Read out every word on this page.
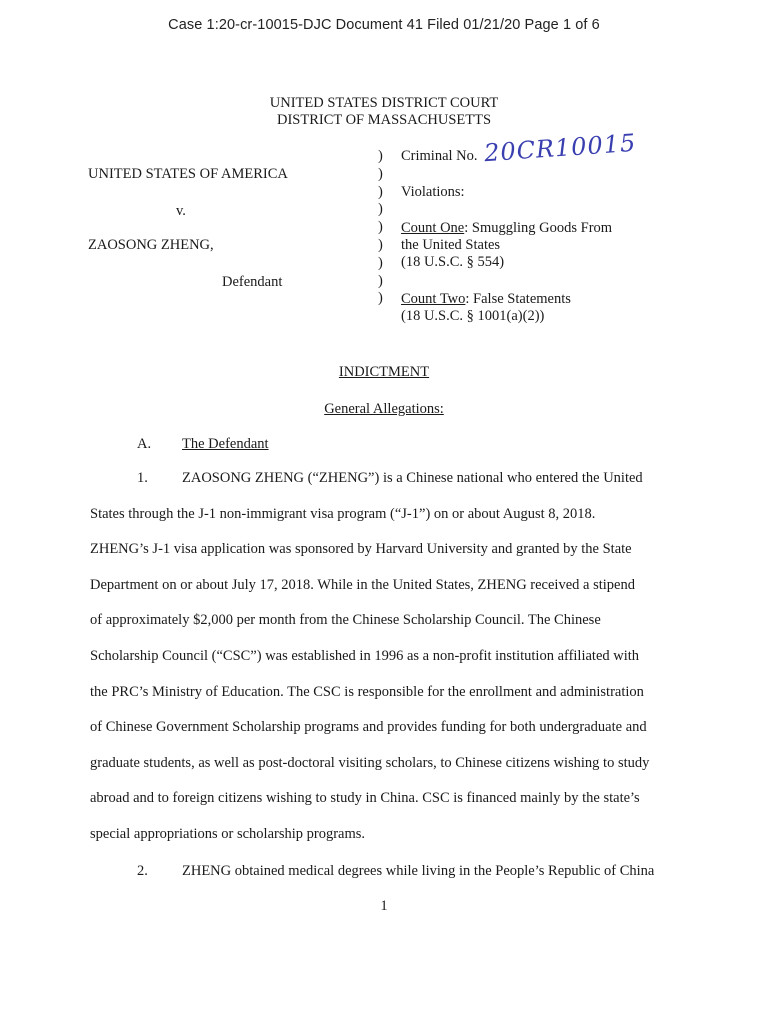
Case 1:20-cr-10015-DJC Document 41 Filed 01/21/20 Page 1 of 6
UNITED STATES DISTRICT COURT
DISTRICT OF MASSACHUSETTS
UNITED STATES OF AMERICA
v.
ZAOSONG ZHENG,
Defendant
)
)
)
)
)
)
)
)
)
Criminal No. 20CR10015
Violations:
Count One: Smuggling Goods From
the United States
(18 U.S.C. § 554)
Count Two: False Statements
(18 U.S.C. § 1001(a)(2))
INDICTMENT
General Allegations:
A. The Defendant
1.	ZAOSONG ZHENG (“ZHENG”) is a Chinese national who entered the United
States through the J-1 non-immigrant visa program (“J-1”) on or about August 8, 2018.
ZHENG’s J-1 visa application was sponsored by Harvard University and granted by the State
Department on or about July 17, 2018. While in the United States, ZHENG received a stipend
of approximately $2,000 per month from the Chinese Scholarship Council. The Chinese
Scholarship Council (“CSC”) was established in 1996 as a non-profit institution affiliated with
the PRC’s Ministry of Education. The CSC is responsible for the enrollment and administration
of Chinese Government Scholarship programs and provides funding for both undergraduate and
graduate students, as well as post-doctoral visiting scholars, to Chinese citizens wishing to study
abroad and to foreign citizens wishing to study in China. CSC is financed mainly by the state’s
special appropriations or scholarship programs.
2. ZHENG obtained medical degrees while living in the People’s Republic of China
1
